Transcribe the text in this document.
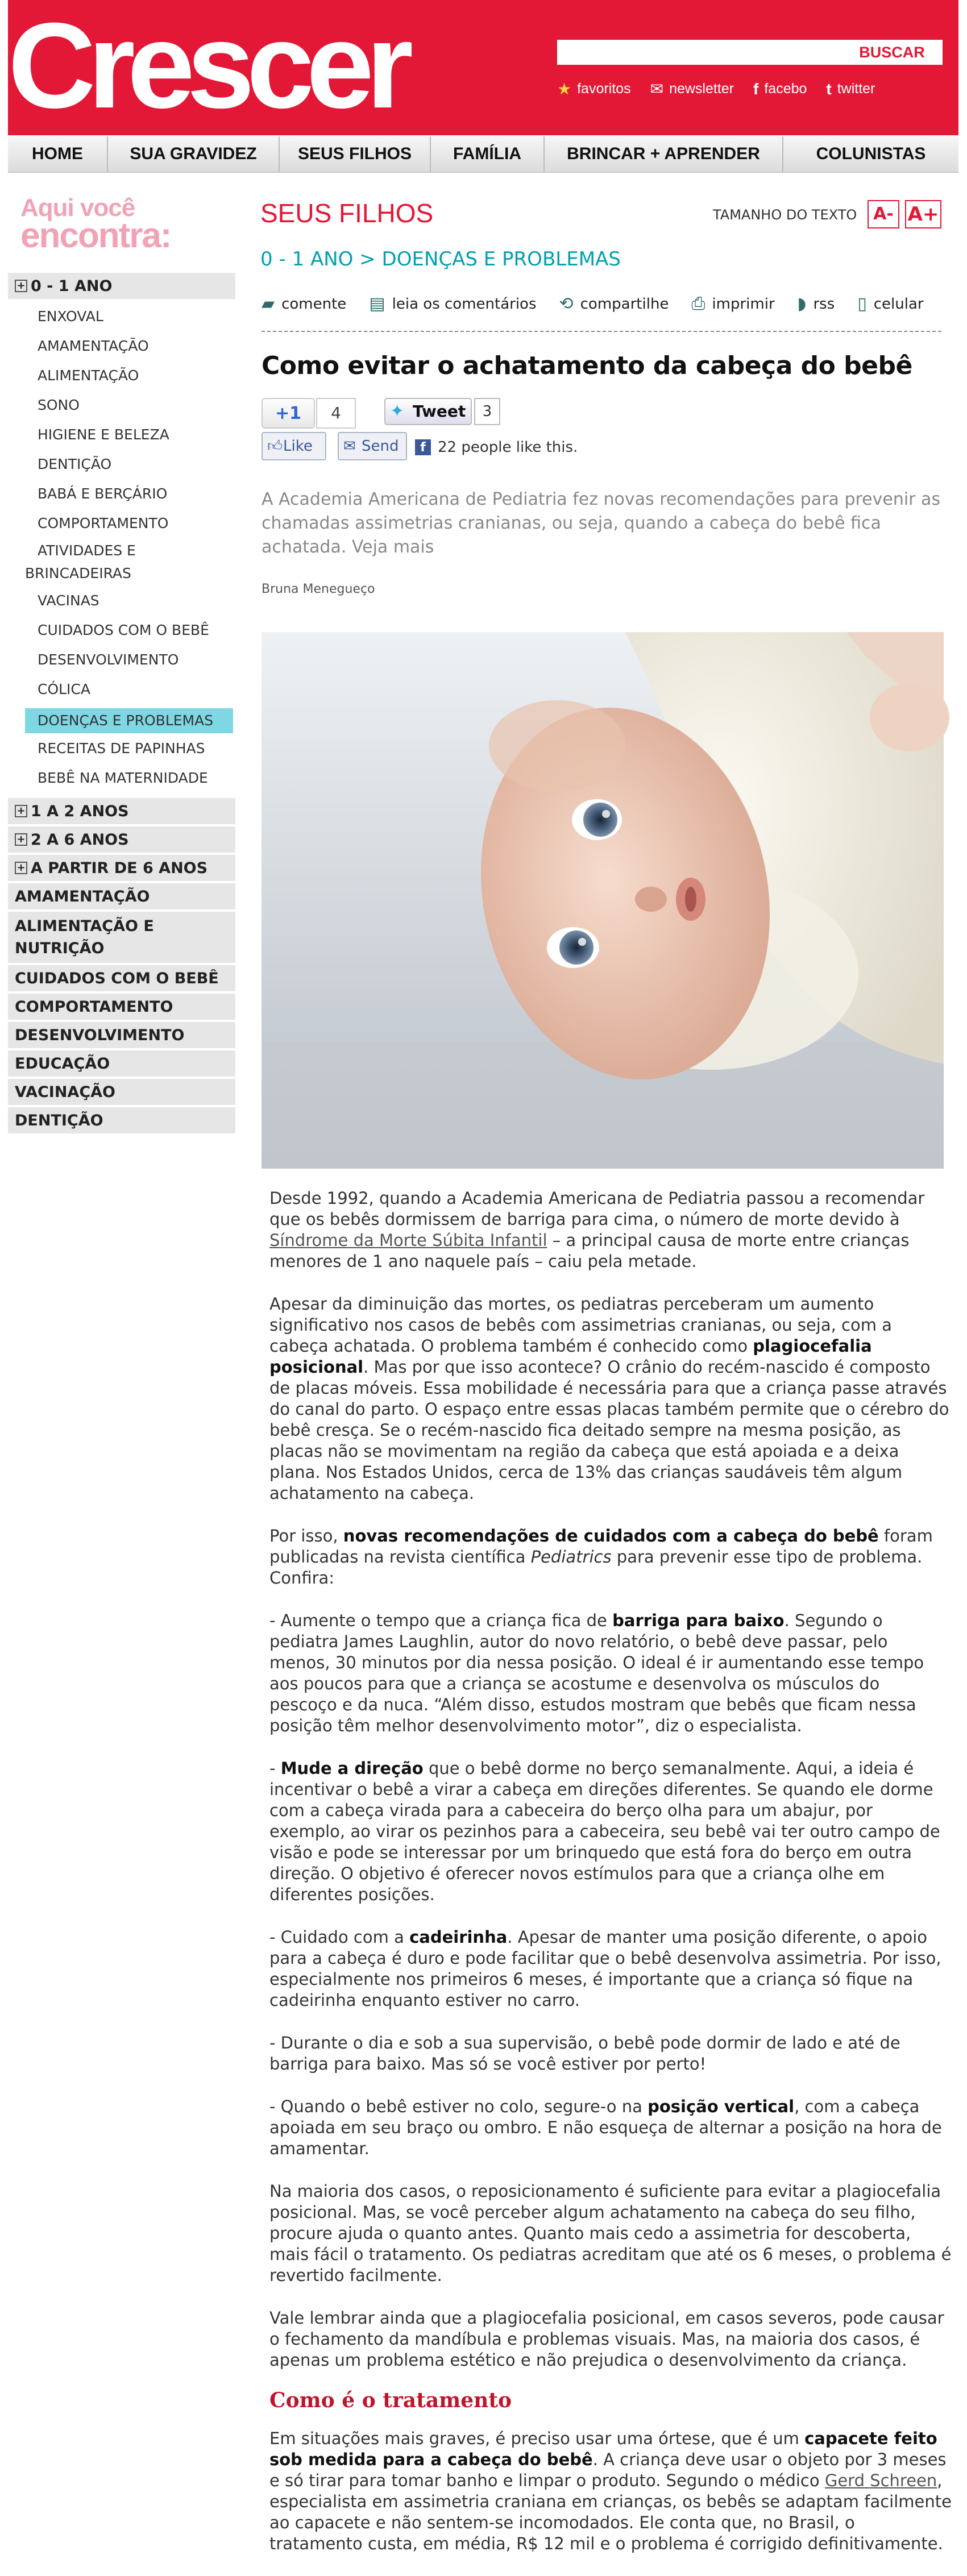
Crescer	BUSCAR
★ favoritos ✉ newsletter f facebo t twitter
HOME	SUA GRAVIDEZ	SEUS FILHOS	FAMÍLIA	BRINCAR + APRENDER	COLUNISTAS
Aqui você
encontra:
+ 0 - 1 ANO
ENXOVAL
AMAMENTAÇÃO
ALIMENTAÇÃO
SONO
HIGIENE E BELEZA
DENTIÇÃO
BABÁ E BERÇÁRIO
COMPORTAMENTO
ATIVIDADES E
BRINCADEIRAS
VACINAS
CUIDADOS COM O BEBÊ
DESENVOLVIMENTO
CÓLICA
DOENÇAS E PROBLEMAS
RECEITAS DE PAPINHAS
BEBÊ NA MATERNIDADE
+ 1 A 2 ANOS
+ 2 A 6 ANOS
+ A PARTIR DE 6 ANOS
AMAMENTAÇÃO
ALIMENTAÇÃO E
NUTRIÇÃO
CUIDADOS COM O BEBÊ
COMPORTAMENTO
DESENVOLVIMENTO
EDUCAÇÃO
VACINAÇÃO
DENTIÇÃO
SEUS FILHOS	TAMANHO DO TEXTO A- A+
0 - 1 ANO > DOENÇAS E PROBLEMAS
▰ comente ▤ leia os comentários ⟲ compartilhe ⎙ imprimir ◗ rss ▯ celular
Como evitar o achatamento da cabeça do bebê
+1	4	✦ Tweet	3
👍︎ Like	✉ Send	f 22 people like this.

A Academia Americana de Pediatria fez novas recomendações para prevenir as chamadas assimetrias cranianas, ou seja, quando a cabeça do bebê fica achatada. Veja mais

Bruna Menegueço

Desde 1992, quando a Academia Americana de Pediatria passou a recomendar que os bebês dormissem de barriga para cima, o número de morte devido à Síndrome da Morte Súbita Infantil – a principal causa de morte entre crianças menores de 1 ano naquele país – caiu pela metade.

Apesar da diminuição das mortes, os pediatras perceberam um aumento significativo nos casos de bebês com assimetrias cranianas, ou seja, com a cabeça achatada. O problema também é conhecido como plagiocefalia posicional. Mas por que isso acontece? O crânio do recém-nascido é composto de placas móveis. Essa mobilidade é necessária para que a criança passe através do canal do parto. O espaço entre essas placas também permite que o cérebro do bebê cresça. Se o recém-nascido fica deitado sempre na mesma posição, as placas não se movimentam na região da cabeça que está apoiada e a deixa plana. Nos Estados Unidos, cerca de 13% das crianças saudáveis têm algum achatamento na cabeça.

Por isso, novas recomendações de cuidados com a cabeça do bebê foram publicadas na revista científica Pediatrics para prevenir esse tipo de problema. Confira:

- Aumente o tempo que a criança fica de barriga para baixo. Segundo o pediatra James Laughlin, autor do novo relatório, o bebê deve passar, pelo menos, 30 minutos por dia nessa posição. O ideal é ir aumentando esse tempo aos poucos para que a criança se acostume e desenvolva os músculos do pescoço e da nuca. “Além disso, estudos mostram que bebês que ficam nessa posição têm melhor desenvolvimento motor”, diz o especialista.

- Mude a direção que o bebê dorme no berço semanalmente. Aqui, a ideia é incentivar o bebê a virar a cabeça em direções diferentes. Se quando ele dorme com a cabeça virada para a cabeceira do berço olha para um abajur, por exemplo, ao virar os pezinhos para a cabeceira, seu bebê vai ter outro campo de visão e pode se interessar por um brinquedo que está fora do berço em outra direção. O objetivo é oferecer novos estímulos para que a criança olhe em diferentes posições.

- Cuidado com a cadeirinha. Apesar de manter uma posição diferente, o apoio para a cabeça é duro e pode facilitar que o bebê desenvolva assimetria. Por isso, especialmente nos primeiros 6 meses, é importante que a criança só fique na cadeirinha enquanto estiver no carro.

- Durante o dia e sob a sua supervisão, o bebê pode dormir de lado e até de barriga para baixo. Mas só se você estiver por perto!

- Quando o bebê estiver no colo, segure-o na posição vertical, com a cabeça apoiada em seu braço ou ombro. E não esqueça de alternar a posição na hora de amamentar.

Na maioria dos casos, o reposicionamento é suficiente para evitar a plagiocefalia posicional. Mas, se você perceber algum achatamento na cabeça do seu filho, procure ajuda o quanto antes. Quanto mais cedo a assimetria for descoberta, mais fácil o tratamento. Os pediatras acreditam que até os 6 meses, o problema é revertido facilmente.

Vale lembrar ainda que a plagiocefalia posicional, em casos severos, pode causar o fechamento da mandíbula e problemas visuais. Mas, na maioria dos casos, é apenas um problema estético e não prejudica o desenvolvimento da criança.

Como é o tratamento

Em situações mais graves, é preciso usar uma órtese, que é um capacete feito sob medida para a cabeça do bebê. A criança deve usar o objeto por 3 meses e só tirar para tomar banho e limpar o produto. Segundo o médico Gerd Schreen, especialista em assimetria craniana em crianças, os bebês se adaptam facilmente ao capacete e não sentem-se incomodados. Ele conta que, no Brasil, o tratamento custa, em média, R$ 12 mil e o problema é corrigido definitivamente.
